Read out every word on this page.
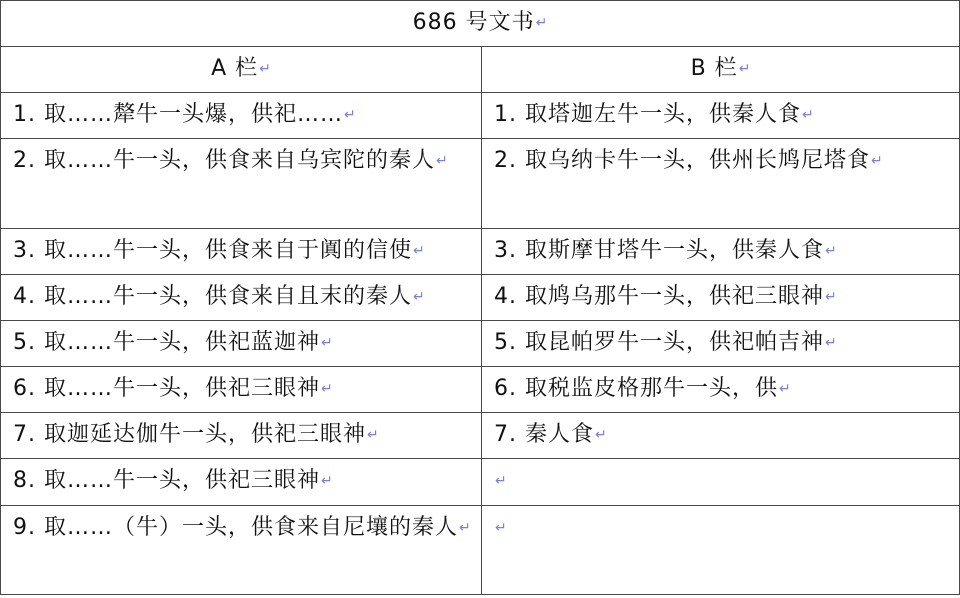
686 号文书↵	
A 栏↵	B 栏↵
1. 取……犛牛一头爆，供祀……↵	1. 取塔迦左牛一头，供秦人食↵
2. 取……牛一头，供食来自乌宾陀的秦人↵	2. 取乌纳卡牛一头，供州长鸠尼塔食↵
3. 取……牛一头，供食来自于阗的信使↵	3. 取斯摩甘塔牛一头，供秦人食↵
4. 取……牛一头，供食来自且末的秦人↵	4. 取鸠乌那牛一头，供祀三眼神↵
5. 取……牛一头，供祀蓝迦神↵	5. 取昆帕罗牛一头，供祀帕吉神↵
6. 取……牛一头，供祀三眼神↵	6. 取税监皮格那牛一头，供↵
7. 取迦延达伽牛一头，供祀三眼神↵	7. 秦人食↵
8. 取……牛一头，供祀三眼神↵	↵
9. 取……（牛）一头，供食来自尼壤的秦人↵	↵
